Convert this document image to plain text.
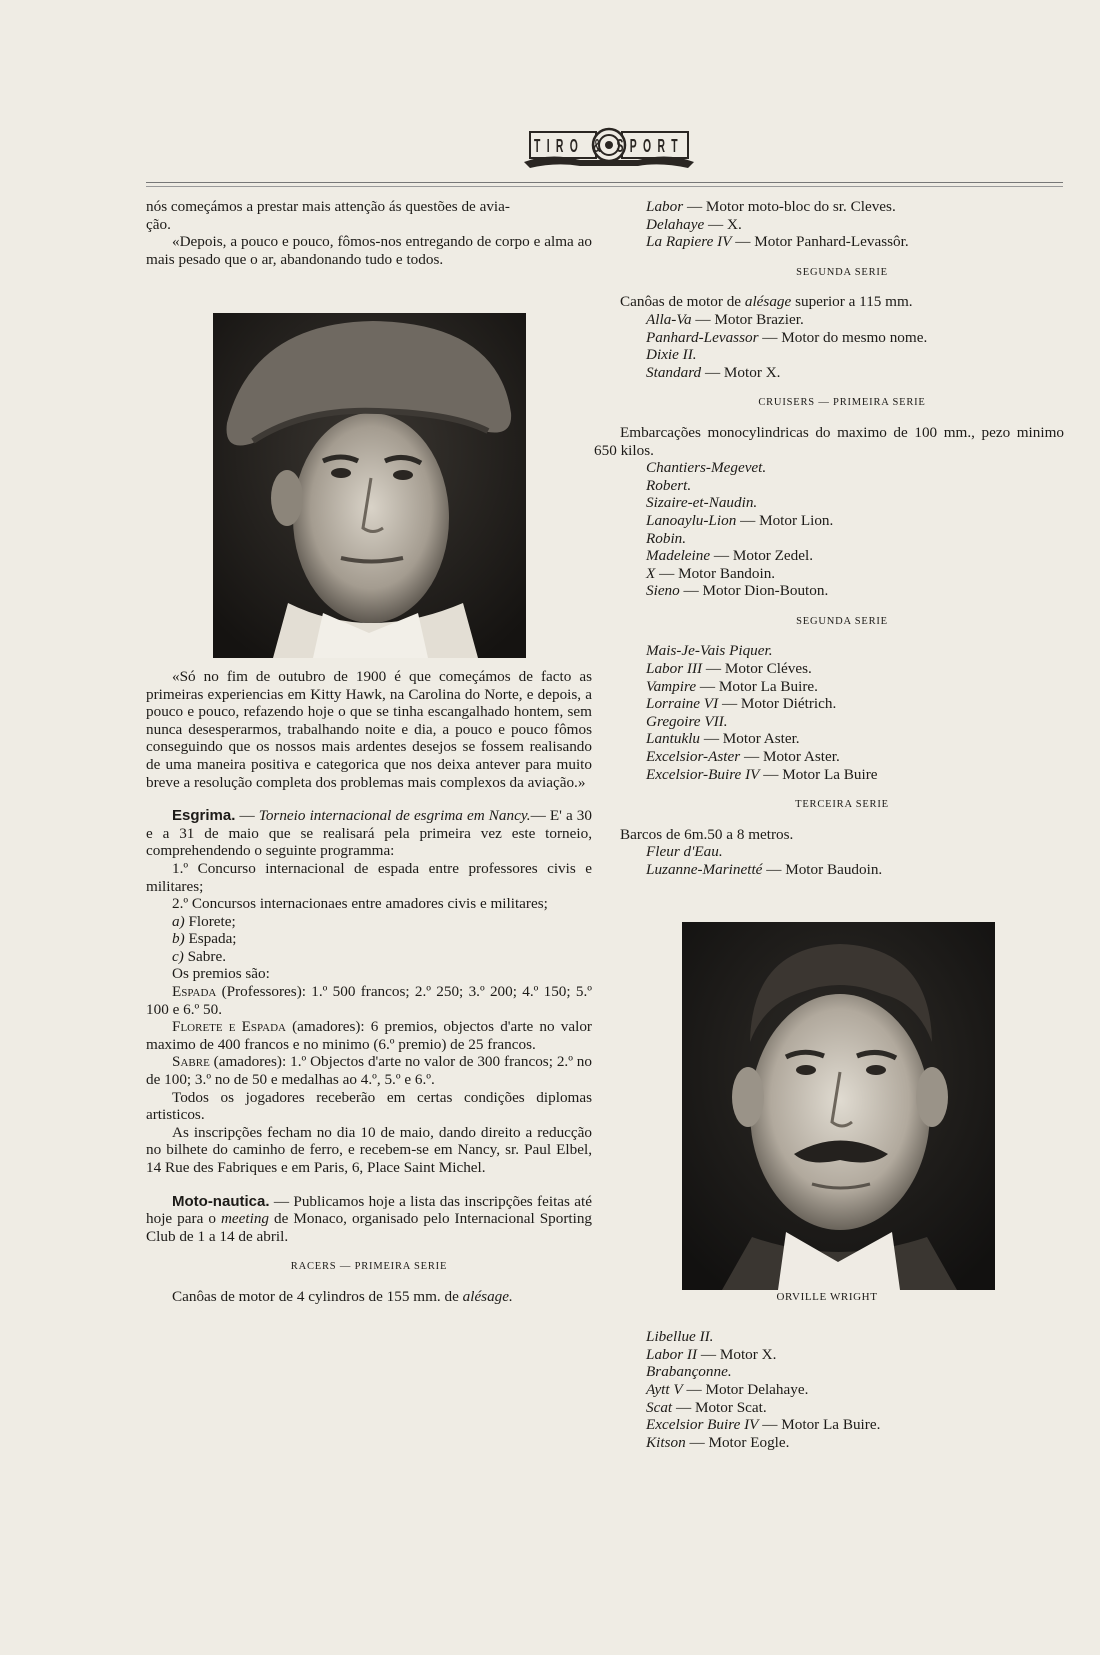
TIRO & SPORT

nós começámos a prestar mais attenção ás questões de avia-

ção.

«Depois, a pouco e pouco, fômos-nos entregando de corpo e alma ao mais pesado que o ar, abandonando tudo e todos.

«Só no fim de outubro de 1900 é que começámos de facto as primeiras experiencias em Kitty Hawk, na Carolina do Norte, e depois, a pouco e pouco, refazendo hoje o que se tinha escangalhado hontem, sem nunca desesperarmos, trabalhando noite e dia, a pouco e pouco fômos conseguindo que os nossos mais ardentes desejos se fossem realisando de uma maneira positiva e categorica que nos deixa antever para muito breve a resolução completa dos problemas mais complexos da aviação.»

Esgrima. — Torneio internacional de esgrima em Nancy.— E' a 30 e a 31 de maio que se realisará pela primeira vez este torneio, comprehendendo o seguinte programma:

1.º Concurso internacional de espada entre professores civis e militares;

2.º Concursos internacionaes entre amadores civis e militares;

a) Florete;

b) Espada;

c) Sabre.

Os premios são:

Espada (Professores): 1.º 500 francos; 2.º 250; 3.º 200; 4.º 150; 5.º 100 e 6.º 50.

Florete e Espada (amadores): 6 premios, objectos d'arte no valor maximo de 400 francos e no minimo (6.º premio) de 25 francos.

Sabre (amadores): 1.º Objectos d'arte no valor de 300 francos; 2.º no de 100; 3.º no de 50 e medalhas ao 4.º, 5.º e 6.º.

Todos os jogadores receberão em certas condições diplomas artisticos.

As inscripções fecham no dia 10 de maio, dando direito a reducção no bilhete do caminho de ferro, e recebem-se em Nancy, sr. Paul Elbel, 14 Rue des Fabriques e em Paris, 6, Place Saint Michel.

Moto-nautica. — Publicamos hoje a lista das inscripções feitas até hoje para o meeting de Monaco, organisado pelo Internacional Sporting Club de 1 a 14 de abril.

RACERS — PRIMEIRA SERIE

Canôas de motor de 4 cylindros de 155 mm. de alésage.

Labor — Motor moto-bloc do sr. Cleves.

Delahaye — X.

La Rapiere IV — Motor Panhard-Levassôr.

SEGUNDA SERIE

Canôas de motor de alésage superior a 115 mm.

Alla-Va — Motor Brazier.

Panhard-Levassor — Motor do mesmo nome.

Dixie II.

Standard — Motor X.

CRUISERS — PRIMEIRA SERIE

Embarcações monocylindricas do maximo de 100 mm., pezo minimo 650 kilos.

Chantiers-Megevet.

Robert.

Sizaire-et-Naudin.

Lanoaylu-Lion — Motor Lion.

Robin.

Madeleine — Motor Zedel.

X — Motor Bandoin.

Sieno — Motor Dion-Bouton.

SEGUNDA SERIE

Mais-Je-Vais Piquer.

Labor III — Motor Cléves.

Vampire — Motor La Buire.

Lorraine VI — Motor Diétrich.

Gregoire VII.

Lantuklu — Motor Aster.

Excelsior-Aster — Motor Aster.

Excelsior-Buire IV — Motor La Buire

TERCEIRA SERIE

Barcos de 6m.50 a 8 metros.

Fleur d'Eau.

Luzanne-Marinetté — Motor Baudoin.

ORVILLE WRIGHT

Libellue II.

Labor II — Motor X.

Brabançonne.

Aytt V — Motor Delahaye.

Scat — Motor Scat.

Excelsior Buire IV — Motor La Buire.

Kitson — Motor Eogle.
